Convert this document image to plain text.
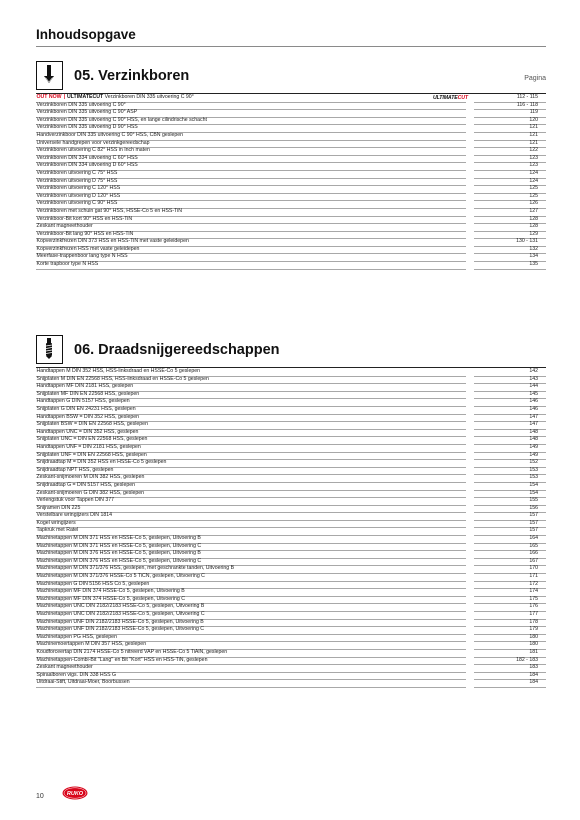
Inhoudsopgave
05. Verzinkboren	Pagina
ULTIMATECUT
OUT NOW | ULTIMATECUT Verzinkboren DIN 335 uitvoering C 90°	112 - 115
Verzinkboren DIN 335 uitvoering C 90°	116 - 118
Verzinkboren DIN 335 uitvoering C 90° ASP	119
Verzinkboren DIN 335 uitvoering C 90° HSS, en lange cilindrische schacht	120
Verzinkboren DIN 335 uitvoering D 90° HSS	121
Handverzinkboor DIN 335 uitvoering C 90° HSS, CBN geslepen	121
Universele handgrepen voor verzinkgereedschap	121
Verzinkboren uitvoering C 82° HSS in Inch maten	122
Verzinkboren DIN 334 uitvoering C 60° HSS	123
Verzinkboren DIN 334 uitvoering D 60° HSS	123
Verzinkboren uitvoering C 75° HSS	124
Verzinkboren uitvoering D 75° HSS	124
Verzinkboren uitvoering C 120° HSS	125
Verzinkboren uitvoering D 120° HSS	125
Verzinkboren uitvoering C 90° HSS	126
Verzinkboren met schuin gat 90° HSS, HSSE-Co 5 en HSS-TiN	127
Verzinkboor-Bit kort 90° HSS en HSS-TiN	128
Zeskant magneethouder	128
Verzinkboor-Bit lang 90° HSS en HSS-TiN	129
Kopverzinkfrezen DIN 373 HSS en HSS-TiN met vaste geleidepen	130 - 131
Kopverzinkfrezen HSS met vaste geleidepen	132
Meerfase-trappenboor lang type N HSS	134
Korte trapboor type N HSS	135
06. Draadsnijgereedschappen
Handtappen M DIN 352 HSS, HSS-linksdraad en HSSE-Co 5 geslepen	142
Snijplaten M DIN EN 22568 HSS, HSS-linksdraad en HSSE-Co 5 geslepen	143
Handtappen MF DIN 2181 HSS, geslepen	144
Snijplaten MF DIN EN 22568 HSS, geslepen	145
Handtappen G DIN 5157 HSS, geslepen	146
Snijplaten G DIN EN 24231 HSS, geslepen	146
Handtappen BSW = DIN 352 HSS, geslepen	147
Snijplaten BSW = DIN EN 22568 HSS, geslepen	147
Handtappen UNC = DIN 352 HSS, geslepen	148
Snijplaten UNC = DIN EN 22568 HSS, geslepen	148
Handtappen UNF = DIN 2181 HSS, geslepen	149
Snijplaten UNF = DIN EN 22568 HSS, geslepen	149
Snijdraadtap M = DIN 352 HSS en HSSE-Co 5 geslepen	152
Snijdraadtap NPT HSS, geslepen	153
Zeskant-snijmoeren M DIN 382 HSS, geslepen	153
Snijdraadtap G = DIN 5157 HSS, geslepen	154
Zeskant-snijmoeren G DIN 382 HSS, geslepen	154
Verlengstuk voor Tappen DIN 377	155
Snijramen DIN 225	156
Verstelbare wringijzers DIN 1814	157
Kogel wringijzers	157
Tapkruk met Ratel	157
Machinetappen M DIN 371 HSS en HSSE-Co 5, geslepen, Uitvoering B	164
Machinetappen M DIN 371 HSS en HSSE-Co 5, geslepen, Uitvoering C	165
Machinetappen M DIN 376 HSS en HSSE-Co 5, geslepen, Uitvoering B	166
Machinetappen M DIN 376 HSS en HSSE-Co 5, geslepen, Uitvoering C	167
Machinetappen M DIN 371/376 HSS, geslepen, met geschrankte tanden, Uitvoering B	170
Machinetappen M DIN 371/376 HSSE-Co 5 TiCN, geslepen, Uitvoering C	171
Machinetappen G DIN 5156 HSS Co 5, geslepen	172
Machinetappen MF DIN 374 HSSE-Co 5, geslepen, Uitvoering B	174
Machinetappen MF DIN 374 HSSE-Co 5, geslepen, Uitvoering C	175
Machinetappen UNC DIN 2182/2183 HSSE-Co 5, geslepen, Uitvoering B	176
Machinetappen UNC DIN 2182/2183 HSSE-Co 5, geslepen, Uitvoering C	177
Machinetappen UNF DIN 2182/2183 HSSE-Co 5, geslepen, Uitvoering B	178
Machinetappen UNF DIN 2182/2183 HSSE-Co 5, geslepen, Uitvoering C	179
Machinetappen PG HSS, geslepen	180
Machinemoertappen M DIN 357 HSS, geslepen	180
Koudforceertap DIN 2174 HSSE-Co 5 nitreerd VAP en HSSE-Co 5 TiAlN, geslepen	181
Machinetappen-Combi-Bit "Lang" en Bit "Kort" HSS en HSS-TiN, geslepen	182 - 183
Zeskant magneethouder	183
Spiraalboren vigs. DIN 338 HSS G	184
Uitdraai-Stift, Uitdraai-Moer, Boorbussen	184
10	RUKO
